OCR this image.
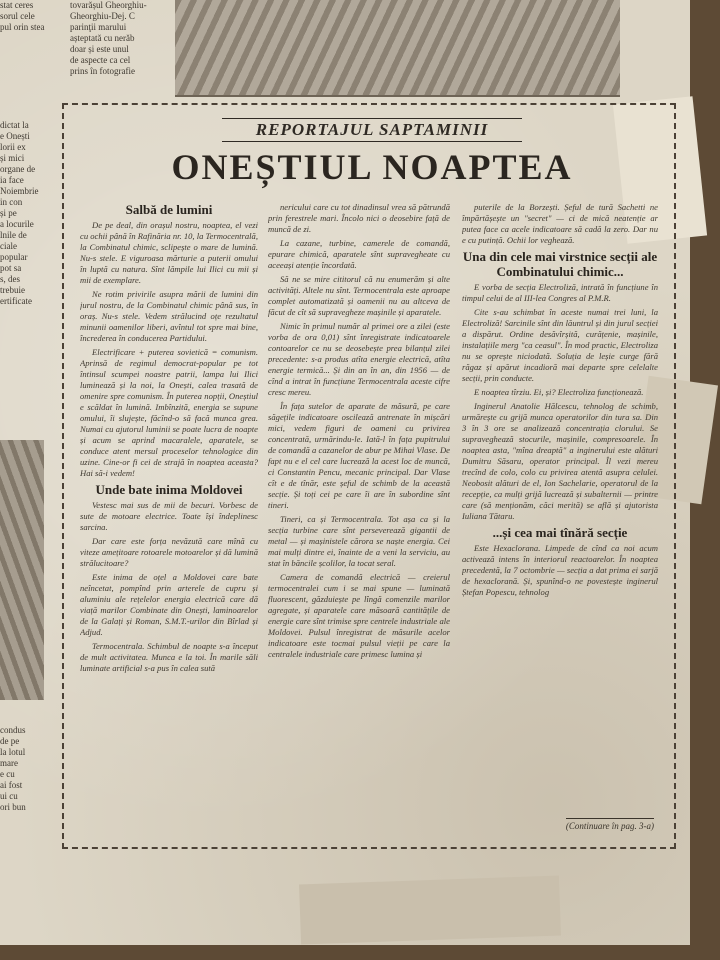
tovarășul Gheorghiu-
Gheorghiu-Dej. C
parinţii marului
așteptată cu nerăb
doar și este unul
de aspecte ca cel
prins în fotografie
stat ceres
sorul cele
pul orin stea
dictat la
e Onești
lorii ex
și mici
organe de
ia face
Noiembrie
in con
și pe
a locurile
lnile de
ciale
popular
pot sa
s, des
trebuie
ertificate
condus
de pe
la lotul
mare
e cu
ai fost
ui cu
ori bun
REPORTAJUL SAPTAMINII
ONEȘTIUL NOAPTEA

Salbă de lumini

De pe deal, din orașul nostru, noaptea, el vezi cu ochii până în Rafinăria nr. 10, la Termocentrală, la Combinatul chimic, sclipește o mare de lumină. Nu-s stele. E viguroasa mărturie a puterii omului în luptă cu natura. Sînt lămpile lui Ilici cu mii și mii de exemplare.

Ne rotim privirile asupra mării de lumini din jurul nostru, de la Combinatul chimic până sus, în oraș. Nu-s stele. Vedem strălucind oțe rezultatul minunii oamenilor liberi, avîntul tot spre mai bine, încrederea în conducerea Partidului.

Electrificare + puterea sovietică = comunism. Aprinsă de regimul democrat-popular pe tot întinsul scumpei noastre patrii, lampa lui Ilici luminează și la noi, la Onești, calea trasată de omenire spre comunism. În puterea nopții, Oneștiul e scăldat în lumină. Imbînzită, energia se supune omului, îi slujește, făcînd-o să facă munca grea. Numai cu ajutorul luminii se poate lucra de noapte și acum se aprind macaralele, aparatele, se conduce atent mersul proceselor tehnologice din uzine. Cine-or fi cei de strajă în noaptea aceasta? Hai să-i vedem!

Unde bate inima Moldovei

Vestesc mai sus de mii de becuri. Vorbesc de sute de motoare electrice. Toate își îndeplinesc sarcina.

Dar care este forța nevăzută care mînă cu viteze amețitoare rotoarele motoarelor și dă lumină strălucitoare?

Este inima de oțel a Moldovei care bate neîncetat, pompînd prin arterele de cupru și aluminiu ale rețelelor energia electrică care dă viață marilor Combinate din Onești, laminoarelor de la Galați și Roman, S.M.T.-urilor din Bîrlad și Adjud.

Termocentrala. Schimbul de noapte s-a început de mult activitatea. Munca e la toi. În marile săli luminate artificial s-a pus în calea sută

nericului care cu tot dinadinsul vrea să pătrundă prin ferestrele mari. Încolo nici o deosebire față de muncă de zi.

La cazane, turbine, camerele de comandă, epurare chimică, aparatele sînt supravegheate cu aceeași atenție încordată.

Să ne se mire cititorul că nu enumerăm și alte activități. Altele nu sînt. Termocentrala este aproape complet automatizată și oamenii nu au altceva de făcut de cît să supravegheze mașinile și aparatele.

Nimic în primul număr al primei ore a zilei (este vorba de ora 0,01) sînt înregistrate indicatoarele contoarelor ce nu se deosebește prea bilanțul zilei precedente: s-a produs atîta energie electrică, atîta energie termică... Și din an în an, din 1956 — de cînd a intrat în funcțiune Termocentrala aceste cifre cresc mereu.

În fața sutelor de aparate de măsură, pe care săgețile indicatoare oscilează antrenate în mișcări mici, vedem figuri de oameni cu privirea concentrată, urmărindu-le. Iată-l în fața pupitrului de comandă a cazanelor de abur pe Mihai Vlase. De fapt nu e el cel care lucrează la acest loc de muncă, ci Constantin Pencu, mecanic principal. Dar Vlase cît e de tînăr, este șeful de schimb de la această secție. Și toți cei pe care îi are în subordine sînt tineri.

Tineri, ca și Termocentrala. Tot așa ca și la secția turbine care sînt perseverează gigantii de metal — și mașinistele cărora se naște energia. Cei mai mulți dintre ei, înainte de a veni la serviciu, au stat în băncile școlilor, la tocat seral.

Camera de comandă electrică — creierul termocentralei cum i se mai spune — luminată fluorescent, găzduiește pe lîngă comenzile marilor agregate, și aparatele care măsoară cantitățile de energie care sînt trimise spre centrele industriale ale Moldovei. Pulsul înregistrat de măsurile acelor indicatoare este tocmai pulsul vieții pe care la centralele industriale care primesc lumina și

puterile de la Borzești. Șeful de tură Sachetti ne împărtășește un "secret" — ci de mică neatenție ar putea face ca acele indicatoare să cadă la zero. Dar nu e cu putință. Ochii lor veghează.

Una din cele mai virstnice secții ale Combinatului chimic...

E vorba de secția Electroliză, intrată în funcțiune în timpul celui de al III-lea Congres al P.M.R.

Cite s-au schimbat în aceste numai trei luni, la Electroliză! Sarcinile sînt din lăuntrul și din jurul secției a dispărut. Ordine desăvîrșită, curățenie, mașinile, instalațiile merg "ca ceasul". În mod practic, Electroliza nu se oprește niciodată. Soluția de leșie curge fără răgaz și apărut incadioră mai departe spre celelalte secții, prin conducte.

E noaptea tîrziu. Ei, și? Electroliza funcționează.

Inginerul Anatolie Hălcescu, tehnolog de schimb, urmărește cu grijă munca operatorilor din tura sa. Din 3 în 3 ore se analizează concentrația clorului. Se supraveghează stocurile, mașinile, compresoarele. În noaptea asta, "mîna dreaptă" a inginerului este alături Dumitru Săsaru, operator principal. Îl vezi mereu trecînd de colo, colo cu privirea atentă asupra celulei. Neobosit alături de el, Ion Sachelarie, operatorul de la recepție, ca mulți grijă lucrează și subalternii — printre care (să menționăm, căci merită) se află și ajutorista Iuliana Tătaru.

...și cea mai tînără secție

Este Hexaclorana. Limpede de cînd ca noi acum activează intens în interiorul reactoarelor. În noaptea precedentă, la 7 octombrie — secția a dat prima ei sarjă de hexaclorană. Și, spunînd-o ne povestește inginerul Ștefan Popescu, tehnolog

(Continuare în pag. 3-a)
